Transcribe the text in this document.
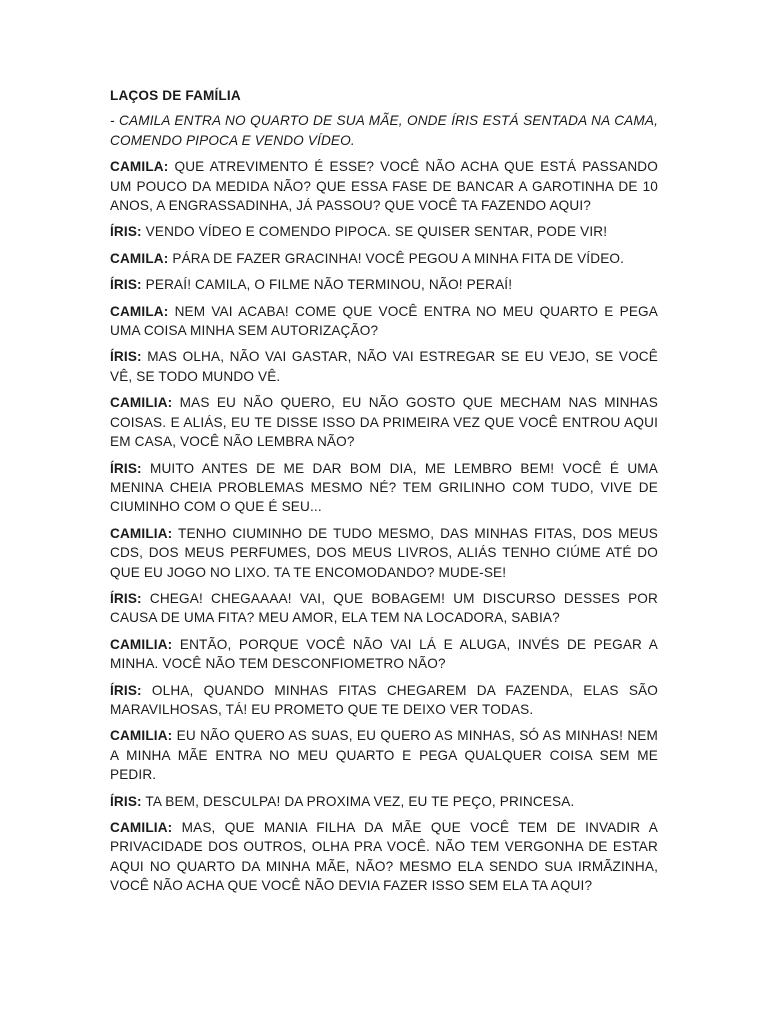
LAÇOS DE FAMÍLIA

- CAMILA ENTRA NO QUARTO DE SUA MÃE, ONDE ÍRIS ESTÁ SENTADA NA CAMA, COMENDO PIPOCA E VENDO VÍDEO.

CAMILA: QUE ATREVIMENTO É ESSE? VOCÊ NÃO ACHA QUE ESTÁ PASSANDO UM POUCO DA MEDIDA NÃO? QUE ESSA FASE DE BANCAR A GAROTINHA DE 10 ANOS, A ENGRASSADINHA, JÁ PASSOU? QUE VOCÊ TA FAZENDO AQUI?

ÍRIS: VENDO VÍDEO E COMENDO PIPOCA. SE QUISER SENTAR, PODE VIR!

CAMILA: PÁRA DE FAZER GRACINHA! VOCÊ PEGOU A MINHA FITA DE VÍDEO.

ÍRIS: PERAÍ! CAMILA, O FILME NÃO TERMINOU, NÃO! PERAÍ!

CAMILA: NEM VAI ACABA! COME QUE VOCÊ ENTRA NO MEU QUARTO E PEGA UMA COISA MINHA SEM AUTORIZAÇÃO?

ÍRIS: MAS OLHA, NÃO VAI GASTAR, NÃO VAI ESTREGAR SE EU VEJO, SE VOCÊ VÊ, SE TODO MUNDO VÊ.

CAMILIA: MAS EU NÃO QUERO, EU NÃO GOSTO QUE MECHAM NAS MINHAS COISAS. E ALIÁS, EU TE DISSE ISSO DA PRIMEIRA VEZ QUE VOCÊ ENTROU AQUI EM CASA, VOCÊ NÃO LEMBRA NÃO?

ÍRIS: MUITO ANTES DE ME DAR BOM DIA, ME LEMBRO BEM! VOCÊ É UMA MENINA CHEIA PROBLEMAS MESMO NÉ? TEM GRILINHO COM TUDO, VIVE DE CIUMINHO COM O QUE É SEU...

CAMILIA: TENHO CIUMINHO DE TUDO MESMO, DAS MINHAS FITAS, DOS MEUS CDS, DOS MEUS PERFUMES, DOS MEUS LIVROS, ALIÁS TENHO CIÚME ATÉ DO QUE EU JOGO NO LIXO. TA TE ENCOMODANDO? MUDE-SE!

ÍRIS: CHEGA! CHEGAAAA! VAI, QUE BOBAGEM! UM DISCURSO DESSES POR CAUSA DE UMA FITA? MEU AMOR, ELA TEM NA LOCADORA, SABIA?

CAMILIA: ENTÃO, PORQUE VOCÊ NÃO VAI LÁ E ALUGA, INVÉS DE PEGAR A MINHA. VOCÊ NÃO TEM DESCONFIOMETRO NÃO?

ÍRIS: OLHA, QUANDO MINHAS FITAS CHEGAREM DA FAZENDA, ELAS SÃO MARAVILHOSAS, TÁ! EU PROMETO QUE TE DEIXO VER TODAS.

CAMILIA: EU NÃO QUERO AS SUAS, EU QUERO AS MINHAS, SÓ AS MINHAS! NEM A MINHA MÃE ENTRA NO MEU QUARTO E PEGA QUALQUER COISA SEM ME PEDIR.

ÍRIS: TA BEM, DESCULPA! DA PROXIMA VEZ, EU TE PEÇO, PRINCESA.

CAMILIA: MAS, QUE MANIA FILHA DA MÃE QUE VOCÊ TEM DE INVADIR A PRIVACIDADE DOS OUTROS, OLHA PRA VOCÊ. NÃO TEM VERGONHA DE ESTAR AQUI NO QUARTO DA MINHA MÃE, NÃO? MESMO ELA SENDO SUA IRMÃZINHA, VOCÊ NÃO ACHA QUE VOCÊ NÃO DEVIA FAZER ISSO SEM ELA TA AQUI?
